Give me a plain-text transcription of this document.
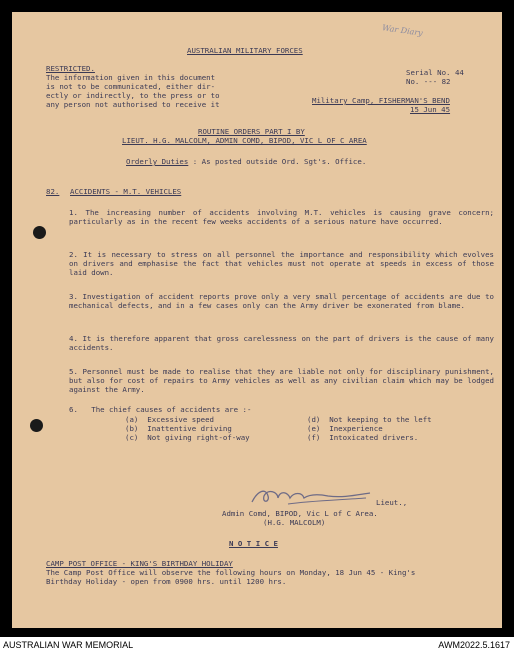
War Diary
AUSTRALIAN MILITARY FORCES
RESTRICTED.
The information given in this document
is not to be communicated, either dir-
ectly or indirectly, to the press or to
any person not authorised to receive it
Serial No. 44
No. --- 82
Military Camp, FISHERMAN'S BEND
15 Jun 45
ROUTINE ORDERS PART I BY
LIEUT. H.G. MALCOLM, ADMIN COMD, BIPOD, VIC L OF C AREA
Orderly Duties : As posted outside Ord. Sgt's. Office.
82. ACCIDENTS - M.T. VEHICLES
1. The increasing number of accidents involving M.T. vehicles is causing grave concern; particularly as in the recent few weeks accidents of a serious nature have occurred.
2. It is necessary to stress on all personnel the importance and responsibility which evolves on drivers and emphasise the fact that vehicles must not operate at speeds in excess of those laid down.
3. Investigation of accident reports prove only a very small percentage of accidents are due to mechanical defects, and in a few cases only can the Army driver be exonerated from blame.
4. It is therefore apparent that gross carelessness on the part of drivers is the cause of many accidents.
5. Personnel must be made to realise that they are liable not only for disciplinary punishment, but also for cost of repairs to Army vehicles as well as any civilian claim which may be lodged against the Army.
6.   The chief causes of accidents are :-
(a)  Excessive speed
(b)  Inattentive driving
(c)  Not giving right-of-way
(d)  Not keeping to the left
(e)  Inexperience
(f)  Intoxicated drivers.
Lieut.,
Admin Comd, BIPOD, Vic L of C Area.
(H.G. MALCOLM)
N O T I C E
CAMP POST OFFICE - KING'S BIRTHDAY HOLIDAY
The Camp Post Office will observe the following hours on Monday, 18 Jun 45 - King's
Birthday Holiday - open from 0900 hrs. until 1200 hrs.
AUSTRALIAN WAR MEMORIAL	AWM2022.5.1617
